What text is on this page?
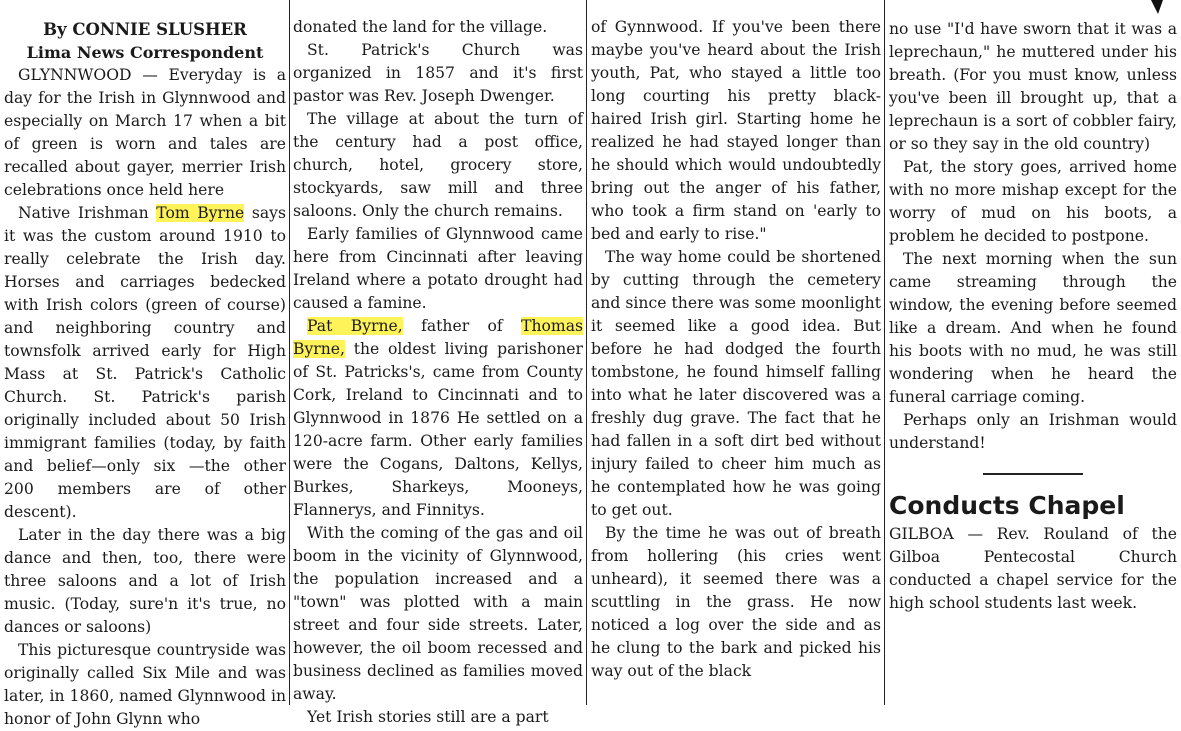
By CONNIE SLUSHER

Lima News Correspondent

GLYNNWOOD — Everyday is a day for the Irish in Glynnwood and especially on March 17 when a bit of green is worn and tales are recalled about gayer, merrier Irish celebrations once held here

Native Irishman Tom Byrne says it was the custom around 1910 to really celebrate the Irish day. Horses and carriages bedecked with Irish colors (green of course) and neighboring country and townsfolk arrived early for High Mass at St. Patrick's Catholic Church. St. Patrick's parish originally included about 50 Irish immigrant families (today, by faith and belief—only six —the other 200 members are of other descent).

Later in the day there was a big dance and then, too, there were three saloons and a lot of Irish music. (Today, sure'n it's true, no dances or saloons)

This picturesque countryside was originally called Six Mile and was later, in 1860, named Glynnwood in honor of John Glynn who

donated the land for the village.

St. Patrick's Church was organized in 1857 and it's first pastor was Rev. Joseph Dwenger.

The village at about the turn of the century had a post office, church, hotel, grocery store, stockyards, saw mill and three saloons. Only the church remains.

Early families of Glynnwood came here from Cincinnati after leaving Ireland where a potato drought had caused a famine.

Pat Byrne, father of Thomas Byrne, the oldest living parishoner of St. Patricks's, came from County Cork, Ireland to Cincinnati and to Glynnwood in 1876 He settled on a 120-acre farm. Other early families were the Cogans, Daltons, Kellys, Burkes, Sharkeys, Mooneys, Flannerys, and Finnitys.

With the coming of the gas and oil boom in the vicinity of Glynnwood, the population increased and a "town" was plotted with a main street and four side streets. Later, however, the oil boom recessed and business declined as families moved away.

Yet Irish stories still are a part

of Gynnwood. If you've been there maybe you've heard about the Irish youth, Pat, who stayed a little too long courting his pretty black-haired Irish girl. Starting home he realized he had stayed longer than he should which would undoubtedly bring out the anger of his father, who took a firm stand on 'early to bed and early to rise."

The way home could be shortened by cutting through the cemetery and since there was some moonlight it seemed like a good idea. But before he had dodged the fourth tombstone, he found himself falling into what he later discovered was a freshly dug grave. The fact that he had fallen in a soft dirt bed without injury failed to cheer him much as he contemplated how he was going to get out.

By the time he was out of breath from hollering (his cries went unheard), it seemed there was a scuttling in the grass. He now noticed a log over the side and as he clung to the bark and picked his way out of the black

no use "I'd have sworn that it was a leprechaun," he muttered under his breath. (For you must know, unless you've been ill brought up, that a leprechaun is a sort of cobbler fairy, or so they say in the old country)

Pat, the story goes, arrived home with no more mishap except for the worry of mud on his boots, a problem he decided to postpone.

The next morning when the sun came streaming through the window, the evening before seemed like a dream. And when he found his boots with no mud, he was still wondering when he heard the funeral carriage coming.

Perhaps only an Irishman would understand!

Conducts Chapel

GILBOA — Rev. Rouland of the Gilboa Pentecostal Church conducted a chapel service for the high school students last week.
